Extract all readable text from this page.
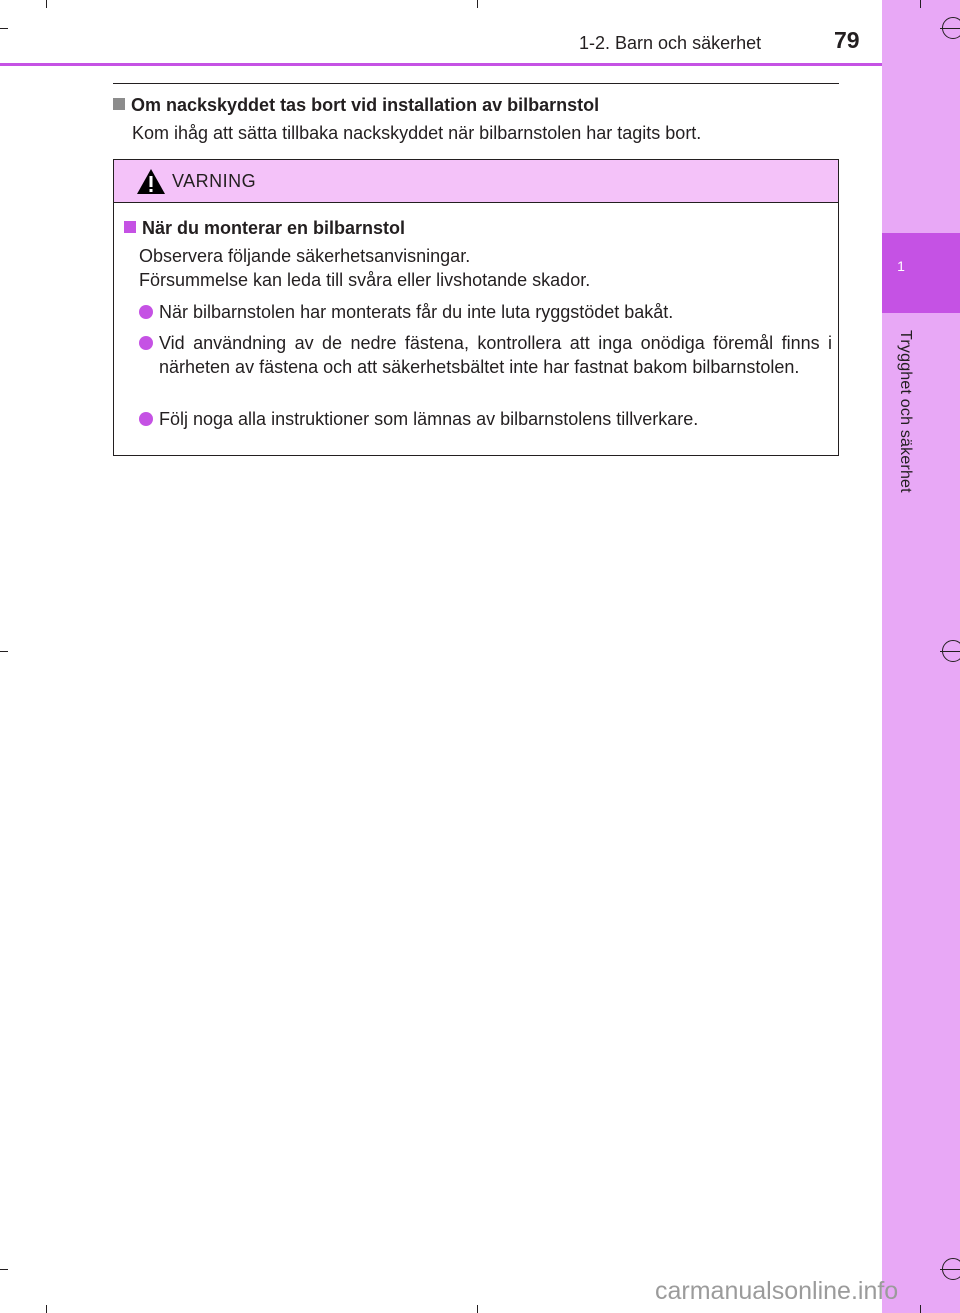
1
Trygghet och säkerhet
1-2. Barn och säkerhet	79
Om nackskyddet tas bort vid installation av bilbarnstol
Kom ihåg att sätta tillbaka nackskyddet när bilbarnstolen har tagits bort.
VARNING
När du monterar en bilbarnstol
Observera följande säkerhetsanvisningar.
Försummelse kan leda till svåra eller livshotande skador.
När bilbarnstolen har monterats får du inte luta ryggstödet bakåt.
Vid användning av de nedre fästena, kontrollera att inga onödiga föremål finns i närheten av fästena och att säkerhetsbältet inte har fastnat bakom bilbarnstolen.
Följ noga alla instruktioner som lämnas av bilbarnstolens tillverkare.
carmanualsonline.info
